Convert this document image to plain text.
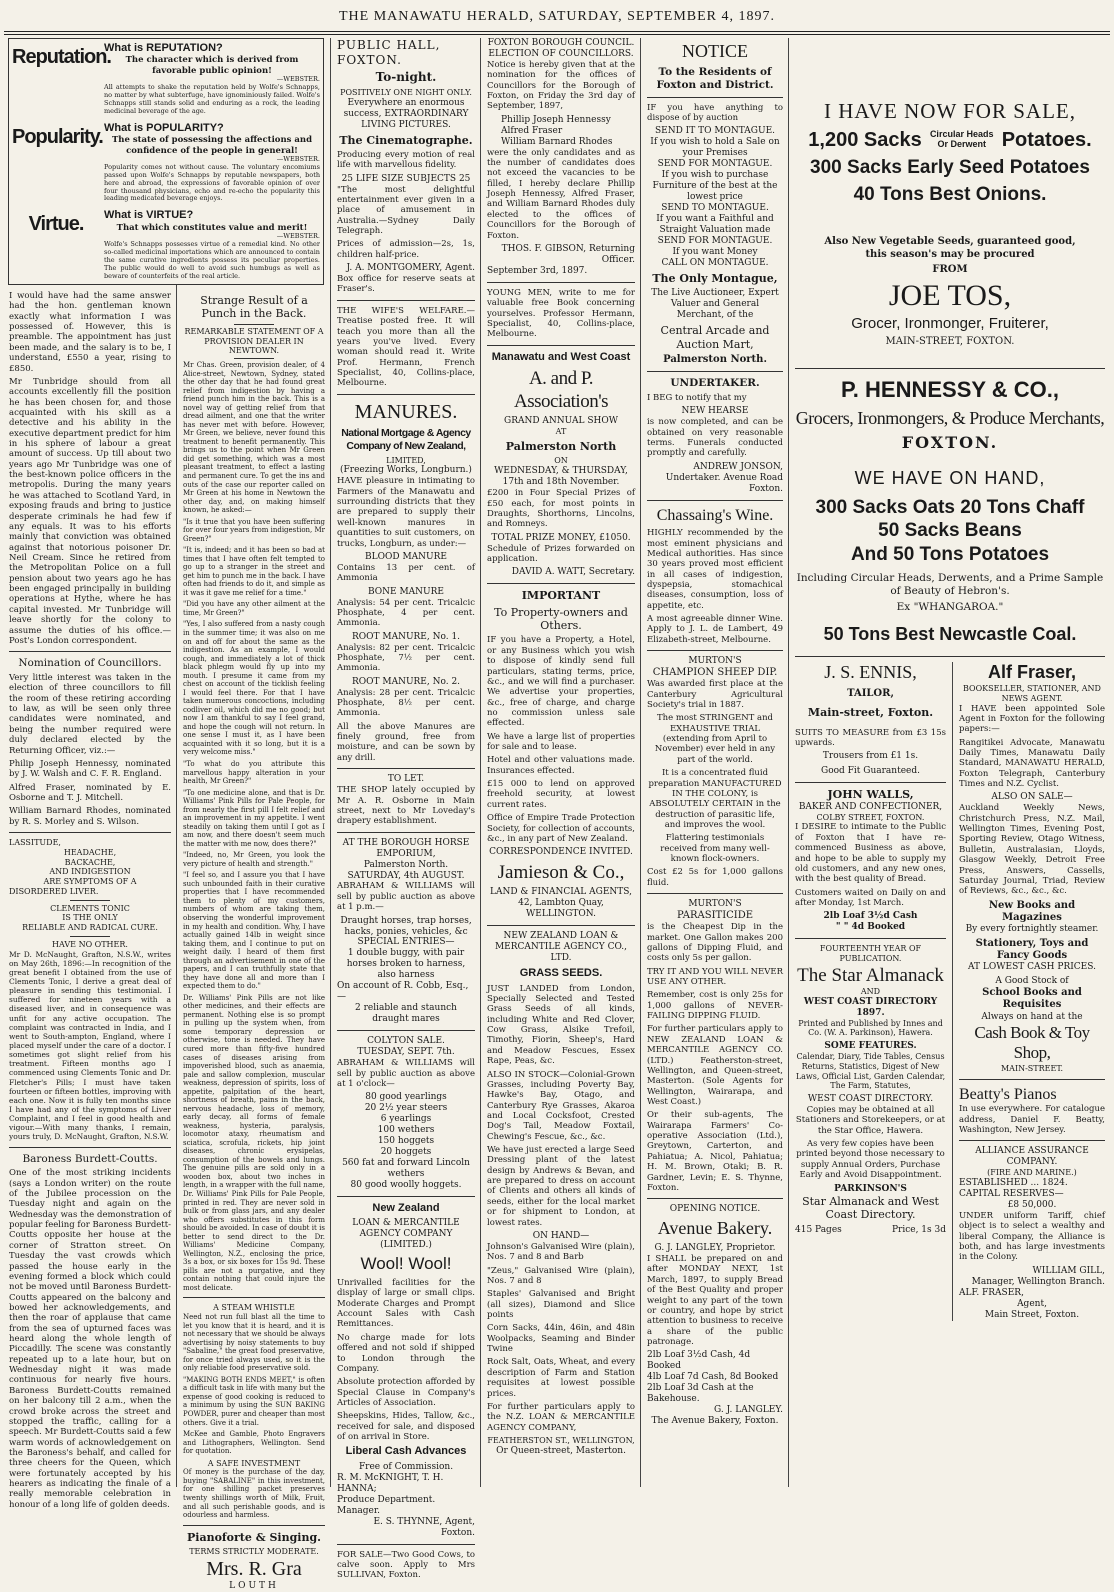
THE MANAWATU HERALD, SATURDAY, SEPTEMBER 4, 1897.
Reputation.
What is REPUTATION?
The character which is derived from favorable public opinion!
—WEBSTER.
All attempts to shake the reputation held by Wolfe's Schnapps, no matter by what subterfuge, have ignominiously failed. Wolfe's Schnapps still stands solid and enduring as a rock, the leading medicinal beverage of the age.
Popularity. What is POPULARITY?
The state of possessing the affections and confidence of the people in general!
—WEBSTER.
Popularity comes not without cause. The voluntary encomiums passed upon Wolfe's Schnapps by reputable newspapers, both here and abroad, the expressions of favorable opinion of over four thousand physicians, echo and re-echo the popularity this leading medicated beverage enjoys.
Virtue.	What is VIRTUE?
That which constitutes value and merit!
—WEBSTER.
Wolfe's Schnapps possesses virtue of a remedial kind. No other so-called medicinal importations which are announced to contain the same curative ingredients possess its peculiar properties. The public would do well to avoid such humbugs as well as beware of counterfeits of the real article.

I would have had the same answer had the hon. gentleman known exactly what information I was possessed of. However, this is preamble. The appointment has just been made, and the salary is to be, I understand, £550 a year, rising to £850.

Mr Tunbridge should from all accounts excellently fill the position he has been chosen for, and those acquainted with his skill as a detective and his ability in the executive department predict for him in his sphere of labour a great amount of success. Up till about two years ago Mr Tunbridge was one of the best-known police officers in the metropolis. During the many years he was attached to Scotland Yard, in exposing frauds and bring to justice desperate criminals he had few if any equals. It was to his efforts mainly that conviction was obtained against that notorious poisoner Dr. Neil Cream. Since he retired from the Metropolitan Police on a full pension about two years ago he has been engaged principally in building operations at Hythe, where he has capital invested. Mr Tunbridge will leave shortly for the colony to assume the duties of his office.— Post's London correspondent.

Nomination of Councillors.

Very little interest was taken in the election of three councillors to fill the room of these retiring according to law, as will be seen only three candidates were nominated, and being the number required were duly declared elected by the Returning Officer, viz.:—

Philip Joseph Hennessy, nominated by J. W. Walsh and C. F. R. England.

Alfred Fraser, nominated by E. Osborne and T. J. Mitchell.

William Barnard Rhodes, nominated by R. S. Morley and S. Wilson.

LASSITUDE,
HEADACHE,
BACKACHE,
AND INDIGESTION
ARE SYMPTOMS OF A
DISORDERED LIVER.
CLEMENTS TONIC
IS THE ONLY
RELIABLE AND RADICAL CURE.
HAVE NO OTHER.

Mr D. McNaught, Grafton, N.S.W., writes on May 26th, 1896:—In recognition of the great benefit I obtained from the use of Clements Tonic, I derive a great deal of pleasure in sending this testimonial. I suffered for nineteen years with a diseased liver, and in consequence was unfit for any active occupation. The complaint was contracted in India, and I went to South-ampton, England, where I placed myself under the care of a doctor. I sometimes got slight relief from his treatment. Fifteen months ago I commenced using Clements Tonic and Dr. Fletcher's Pills; I must have taken fourteen or fifteen bottles, improving with each one. Now it is fully ten months since I have had any of the symptoms of Liver Complaint, and I feel in good health and vigour.—With many thanks, I remain, yours truly, D. McNaught, Grafton, N.S.W.

Baroness Burdett-Coutts.

One of the most striking incidents (says a London writer) on the route of the Jubilee procession on the Tuesday night and again on the Wednesday was the demonstration of popular feeling for Baroness Burdett-Coutts opposite her house at the corner of Stratton street. On Tuesday the vast crowds which passed the house early in the evening formed a block which could not be moved until Baroness Burdett-Coutts appeared on the balcony and bowed her acknowledgements, and then the roar of applause that came from the sea of upturned faces was heard along the whole length of Piccadilly. The scene was constantly repeated up to a late hour, but on Wednesday night it was made continuous for nearly five hours. Baroness Burdett-Coutts remained on her balcony till 2 a.m., when the crowd broke across the street and stopped the traffic, calling for a speech. Mr Burdett-Coutts said a few warm words of acknowledgement on the Baroness's behalf, and called for three cheers for the Queen, which were fortunately accepted by his hearers as indicating the finale of a really memorable celebration in honour of a long life of golden deeds.

Strange Result of a Punch in the Back.
REMARKABLE STATEMENT OF A PROVISION DEALER IN NEWTOWN.

Mr Chas. Green, provision dealer, of 4 Alice-street, Newtown, Sydney, stated the other day that he had found great relief from indigestion by having a friend punch him in the back. This is a novel way of getting relief from that dread ailment, and one that the writer has never met with before. However, Mr Green, we believe, never found this treatment to benefit permanently. This brings us to the point when Mr Green did get something, which was a most pleasant treatment, to effect a lasting and permanent cure. To get the ins and outs of the case our reporter called on Mr Green at his home in Newtown the other day, and, on making himself known, he asked:—

"Is it true that you have been suffering for over four years from indigestion, Mr Green?"

"It is, indeed; and it has been so bad at times that I have often felt tempted to go up to a stranger in the street and get him to punch me in the back. I have often had friends to do it, and simple as it was it gave me relief for a time."

"Did you have any other ailment at the time, Mr Green?"

"Yes, I also suffered from a nasty cough in the summer time; it was also on me on and off for about the same as the indigestion. As an example, I would cough, and immediately a lot of thick black phlegm would fly up into my mouth. I presume it came from my chest on account of the ticklish feeling I would feel there. For that I have taken numerous concoctions, including codliver oil, which did me no good; but now I am thankful to say I feel grand, and hope the cough will not return. In one sense I must it, as I have been acquainted with it so long, but it is a very welcome miss."

"To what do you attribute this marvellous happy alteration in your health, Mr Green?"

"To one medicine alone, and that is Dr. Williams' Pink Pills for Pale People, for from nearly the first pill I felt relief and an improvement in my appetite. I went steadily on taking them until I got as I am now, and there doesn't seem much the matter with me now, does there?"

"Indeed, no, Mr Green, you look the very picture of health and strength."

"I feel so, and I assure you that I have such unbounded faith in their curative properties that I have recommended them to plenty of my customers, numbers of whom are taking them, observing the wonderful improvement in my health and condition. Why, I have actually gained 14lb in weight since taking them, and I continue to put on weight daily. I heard of them first through an advertisement in one of the papers, and I can truthfully state that they have done all and more than I expected them to do."

Dr. Williams' Pink Pills are not like other medicines, and their effects are permanent. Nothing else is so prompt in pulling up the system when, from some temporary depression or otherwise, tone is needed. They have cured more than fifty-five hundred cases of diseases arising from impoverished blood, such as anaemia, pale and sallow complexion, muscular weakness, depression of spirits, loss of appetite, palpitation of the heart, shortness of breath, pains in the back, nervous headache, loss of memory, early decay, all forms of female weakness, hysteria, paralysis, locomotor ataxy, rheumatism and sciatica, scrofula, rickets, hip joint diseases, chronic erysipelas, consumption of the bowels and lungs. The genuine pills are sold only in a wooden box, about two inches in length, in a wrapper with the full name, Dr. Williams' Pink Pills for Pale People, printed in red. They are never sold in bulk or from glass jars, and any dealer who offers substitutes in this form should be avoided. In case of doubt it is better to send direct to the Dr. Williams' Medicine Company, Wellington, N.Z., enclosing the price, 3s a box, or six boxes for 15s 9d. These pills are not a purgative, and they contain nothing that could injure the most delicate.

A STEAM WHISTLE

Need not run full blast all the time to let you know that it is heard, and it is not necessary that we should be always advertising by noisy statements to buy "Sabaline," the great food preservative, for once tried always used, so it is the only reliable food preservative sold.

"MAKING BOTH ENDS MEET," is often a difficult task in life with many but the expense of good cooking is reduced to a minimum by using the SUN BAKING POWDER, purer and cheaper than most others. Give it a trial.

McKee and Gamble, Photo Engravers and Lithographers, Wellington. Send for quotation.

A SAFE INVESTMENT

Of money is the purchase of the day, buying "SABALINE" in this investment, for one shilling packet preserves twenty shillings worth of Milk, Fruit, and all such perishable goods, and is odourless and harmless.

Pianoforte & Singing.
TERMS STRICTLY MODERATE.
Mrs. R. Gra
LOUTH
PUBLIC HALL, FOXTON.
To-night.
POSITIVELY ONE NIGHT ONLY.
Everywhere an enormous success, EXTRAORDINARY LIVING PICTURES.
The Cinematographe.

Producing every motion of real life with marvellous fidelity.

25 LIFE SIZE SUBJECTS 25

"The most delightful entertainment ever given in a place of amusement in Australia.—Sydney Daily Telegraph.

Prices of admission—2s, 1s, children half-price.

J. A. MONTGOMERY, Agent.

Box office for reserve seats at Fraser's.

THE WIFE'S WELFARE.— Treatise posted free. It will teach you more than all the years you've lived. Every woman should read it. Write Prof. Hermann, French Specialist, 40, Collins-place, Melbourne.

MANURES.
National Mortgage & Agency Company of New Zealand,
LIMITED,
(Freezing Works, Longburn.)

HAVE pleasure in intimating to Farmers of the Manawatu and surrounding districts that they are prepared to supply their well-known manures in quantities to suit customers, on trucks, Longburn, as under:—

BLOOD MANURE

Contains 13 per cent. of Ammonia

BONE MANURE

Analysis: 54 per cent. Tricalcic Phosphate, 4 per cent. Ammonia.

ROOT MANURE, No. 1.

Analysis: 82 per cent. Tricalcic Phosphate, 7½ per cent. Ammonia.

ROOT MANURE, No. 2.

Analysis: 28 per cent. Tricalcic Phosphate, 8½ per cent. Ammonia.

All the above Manures are finely ground, free from moisture, and can be sown by any drill.

TO LET.

THE SHOP lately occupied by Mr A. R. Osborne in Main street, next to Mr Loveday's drapery establishment.

AT THE BOROUGH HORSE EMPORIUM,
Palmerston North.
SATURDAY, 4th AUGUST.

ABRAHAM & WILLIAMS will sell by public auction as above at 1 p.m.—

Draught horses, trap horses, hacks, ponies, vehicles, &c
SPECIAL ENTRIES—
1 double buggy, with pair horses broken to harness, also harness
On account of R. Cobb, Esq.,—
2 reliable and staunch draught mares
COLYTON SALE.
TUESDAY, SEPT. 7th.

ABRAHAM & WILLIAMS will sell by public auction as above at 1 o'clock—

80 good yearlings
20 2½ year steers
6 yearlings
100 wethers
150 hoggets
20 hoggets
560 fat and forward Lincoln wethers
80 good woolly hoggets.
New Zealand
LOAN & MERCANTILE AGENCY COMPANY (LIMITED.)
Wool! Wool!

Unrivalled facilities for the display of large or small clips. Moderate Charges and Prompt Account Sales with Cash Remittances.

No charge made for lots offered and not sold if shipped to London through the Company.

Absolute protection afforded by Special Clause in Company's Articles of Association.

Sheepskins, Hides, Tallow, &c., received for sale, and disposed of on arrival in Store.

Liberal Cash Advances
Free of Commission.
R. M. McKNIGHT, T. H. HANNA;
Produce Department. Manager.
E. S. THYNNE, Agent, Foxton.

FOR SALE—Two Good Cows, to calve soon. Apply to Mrs SULLIVAN, Foxton.

FOXTON BOROUGH COUNCIL. ELECTION OF COUNCILLORS.

Notice is hereby given that at the nomination for the offices of Councillors for the Borough of Foxton, on Friday the 3rd day of September, 1897,

Phillip Joseph Hennessy
Alfred Fraser
William Barnard Rhodes

were the only candidates and as the number of candidates does not exceed the vacancies to be filled, I hereby declare Phillip Joseph Hennessy, Alfred Fraser, and William Barnard Rhodes duly elected to the offices of Councillors for the Borough of Foxton.

THOS. F. GIBSON, Returning Officer.
September 3rd, 1897.

YOUNG MEN, write to me for valuable free Book concerning yourselves. Professor Hermann, Specialist, 40, Collins-place, Melbourne.

Manawatu and West Coast
A. and P. Association's
GRAND ANNUAL SHOW
AT
Palmerston North
ON
WEDNESDAY, & THURSDAY, 17th and 18th November.

£200 in Four Special Prizes of £50 each, for most points in Draughts, Shorthorns, Lincolns, and Romneys.

TOTAL PRIZE MONEY, £1050.

Schedule of Prizes forwarded on application.

DAVID A. WATT, Secretary.
IMPORTANT
To Property-owners and Others.

IF you have a Property, a Hotel, or any Business which you wish to dispose of kindly send full particulars, stating terms, price, &c., and we will find a purchaser. We advertise your properties, &c., free of charge, and charge no commission unless sale effected.

We have a large list of properties for sale and to lease.

Hotel and other valuations made. Insurances effected.

£15 000 to lend on approved freehold security, at lowest current rates.

Office of Empire Trade Protection Society, for collection of accounts, &c., in any part of New Zealand.

CORRESPONDENCE INVITED.
Jamieson & Co.,
LAND & FINANCIAL AGENTS,
42, Lambton Quay,
WELLINGTON.
NEW ZEALAND LOAN & MERCANTILE AGENCY CO., LTD.
GRASS SEEDS.

JUST LANDED from London, Specially Selected and Tested Grass Seeds of all kinds, including White and Red Clover, Cow Grass, Alsike Trefoil, Timothy, Fiorin, Sheep's, Hard and Meadow Fescues, Essex Rape, Peas, &c.

ALSO IN STOCK—Colonial-Grown Grasses, including Poverty Bay, Hawke's Bay, Otago, and Canterbury Rye Grasses, Akaroa and Local Cocksfoot, Crested Dog's Tail, Meadow Foxtail, Chewing's Fescue, &c., &c.

We have just erected a large Seed Dressing plant of the latest design by Andrews & Bevan, and are prepared to dress on account of Clients and others all kinds of seeds, either for the local market or for shipment to London, at lowest rates.

ON HAND—

Johnson's Galvanised Wire (plain), Nos. 7 and 8 and Barb

"Zeus," Galvanised Wire (plain), Nos. 7 and 8

Staples' Galvanised and Bright (all sizes), Diamond and Slice points

Corn Sacks, 44in, 46in, and 48in Woolpacks, Seaming and Binder Twine

Rock Salt, Oats, Wheat, and every description of Farm and Station requisites at lowest possible prices.

For further particulars apply to the N.Z. LOAN & MERCANTILE AGENCY COMPANY,

FEATHERSTON ST., WELLINGTON,
Or Queen-street, Masterton.
NOTICE
To the Residents of Foxton and District.

IF you have anything to dispose of by auction

SEND IT TO MONTAGUE.
If you wish to hold a Sale on your Premises
SEND FOR MONTAGUE.
If you wish to purchase Furniture of the best at the lowest price
SEND TO MONTAGUE.
If you want a Faithful and Straight Valuation made
SEND FOR MONTAGUE.
If you want Money
CALL ON MONTAGUE.
The Only Montague,
The Live Auctioneer, Expert Valuer and General Merchant, of the
Central Arcade and Auction Mart,
Palmerston North.
UNDERTAKER.

I BEG to notify that my

NEW HEARSE

is now completed, and can be obtained on very reasonable terms. Funerals conducted promptly and carefully.

ANDREW JONSON, Undertaker. Avenue Road Foxton.
Chassaing's Wine.

HIGHLY recommended by the most eminent physicians and Medical authorities. Has since 30 years proved most efficient in all cases of indigestion, dyspepsia, stomachical diseases, consumption, loss of appetite, etc.

A most agreeable dinner Wine. Apply to J. L. de Lambert, 49 Elizabeth-street, Melbourne.

MURTON'S
CHAMPION SHEEP DIP.

Was awarded first place at the Canterbury Agricultural Society's trial in 1887.

The most STRINGENT and EXHAUSTIVE TRIAL (extending from April to November) ever held in any part of the world.

It is a concentrated fluid preparation MANUFACTURED IN THE COLONY, is ABSOLUTELY CERTAIN in the destruction of parasitic life, and improves the wool.

Flattering testimonials received from many well-known flock-owners.

Cost £2 5s for 1,000 gallons fluid.

MURTON'S
PARASITICIDE

is the Cheapest Dip in the market. One Gallon makes 200 gallons of Dipping Fluid, and costs only 5s per gallon.

TRY IT AND YOU WILL NEVER USE ANY OTHER.

Remember, cost is only 25s for 1,000 gallons of NEVER-FAILING DIPPING FLUID.

For further particulars apply to NEW ZEALAND LOAN & MERCANTILE AGENCY CO. (LTD.) Featherston-street, Wellington, and Queen-street, Masterton. (Sole Agents for Wellington, Wairarapa, and West Coast.)

Or their sub-agents, The Wairarapa Farmers' Co-operative Association (Ltd.), Greytown, Carterton, and Pahiatua; A. Nicol, Pahiatua; H. M. Brown, Otaki; B. R. Gardner, Levin; E. S. Thynne, Foxton.

OPENING NOTICE.
Avenue Bakery.
G. J. LANGLEY, Proprietor.

I SHALL be prepared on and after MONDAY NEXT, 1st March, 1897, to supply Bread of the Best Quality and proper weight to any part of the town or country, and hope by strict attention to business to receive a share of the public patronage.

2lb Loaf 3½d Cash, 4d Booked
4lb Loaf 7d Cash, 8d Booked
2lb Loaf 3d Cash at the Bakehouse.
G. J. LANGLEY.
The Avenue Bakery, Foxton.
I HAVE NOW FOR SALE,
1,200 Sacks Circular Heads Or Derwent Potatoes.
300 Sacks Early Seed Potatoes
40 Tons Best Onions.
Also New Vegetable Seeds, guaranteed good, this season's may be procured
FROM
JOE TOS,
Grocer, Ironmonger, Fruiterer,
MAIN-STREET, FOXTON.
P. HENNESSY & CO.,
Grocers, Ironmongers, & Produce Merchants,
FOXTON.
WE HAVE ON HAND,
300 Sacks Oats 20 Tons Chaff
50 Sacks Beans
And 50 Tons Potatoes
Including Circular Heads, Derwents, and a Prime Sample of Beauty of Hebron's.
Ex "WHANGAROA."
50 Tons Best Newcastle Coal.
J. S. ENNIS,
TAILOR,
Main-street, Foxton.

SUITS TO MEASURE from £3 15s upwards.

Trousers from £1 1s.
Good Fit Guaranteed.
JOHN WALLS,
BAKER AND CONFECTIONER,
COLBY STREET, FOXTON.

I DESIRE to intimate to the Public of Foxton that I have re-commenced Business as above, and hope to be able to supply my old customers, and any new ones, with the best quality of Bread.

Customers waited on Daily on and after Monday, 1st March.

2lb Loaf 3½d Cash
" " 4d Booked
FOURTEENTH YEAR OF PUBLICATION.
The Star Almanack
AND
WEST COAST DIRECTORY 1897.
Printed and Published by Innes and Co. (W. A. Parkinson), Hawera.
SOME FEATURES.
Calendar, Diary, Tide Tables, Census Returns, Statistics, Digest of New Laws, Official List, Garden Calendar, The Farm, Statutes,
WEST COAST DIRECTORY.

Copies may be obtained at all Stationers and Storekeepers, or at the Star Office, Hawera.

As very few copies have been printed beyond those necessary to supply Annual Orders, Purchase Early and Avoid Disappointment.

PARKINSON'S
Star Almanack and West Coast Directory.
415 Pages	Price, 1s 3d
Alf Fraser,
BOOKSELLER, STATIONER, AND NEWS AGENT.

I HAVE been appointed Sole Agent in Foxton for the following papers:—

Rangitikei Advocate, Manawatu Daily Times, Manawatu Daily Standard, MANAWATU HERALD, Foxton Telegraph, Canterbury Times and N.Z. Cyclist.

ALSO ON SALE—

Auckland Weekly News, Christchurch Press, N.Z. Mail, Wellington Times, Evening Post, Sporting Review, Otago Witness, Bulletin, Australasian, Lloyds, Glasgow Weekly, Detroit Free Press, Answers, Cassells, Saturday Journal, Triad, Review of Reviews, &c., &c., &c.

New Books and Magazines
By every fortnightly steamer.
Stationery, Toys and Fancy Goods
AT LOWEST CASH PRICES.
A Good Stock of
School Books and Requisites
Always on hand at the
Cash Book & Toy Shop,
MAIN-STREET.
Beatty's Pianos

In use everywhere. For catalogue address, Daniel F. Beatty, Washington, New Jersey.

ALLIANCE ASSURANCE COMPANY.
(FIRE AND MARINE.)
ESTABLISHED ... 1824.
CAPITAL RESERVES—
£8 50,000.

UNDER uniform Tariff, chief object is to select a wealthy and liberal Company, the Alliance is both, and has large investments in the Colony.

WILLIAM GILL,
Manager, Wellington Branch.
ALF. FRASER,
Agent,
Main Street, Foxton.
